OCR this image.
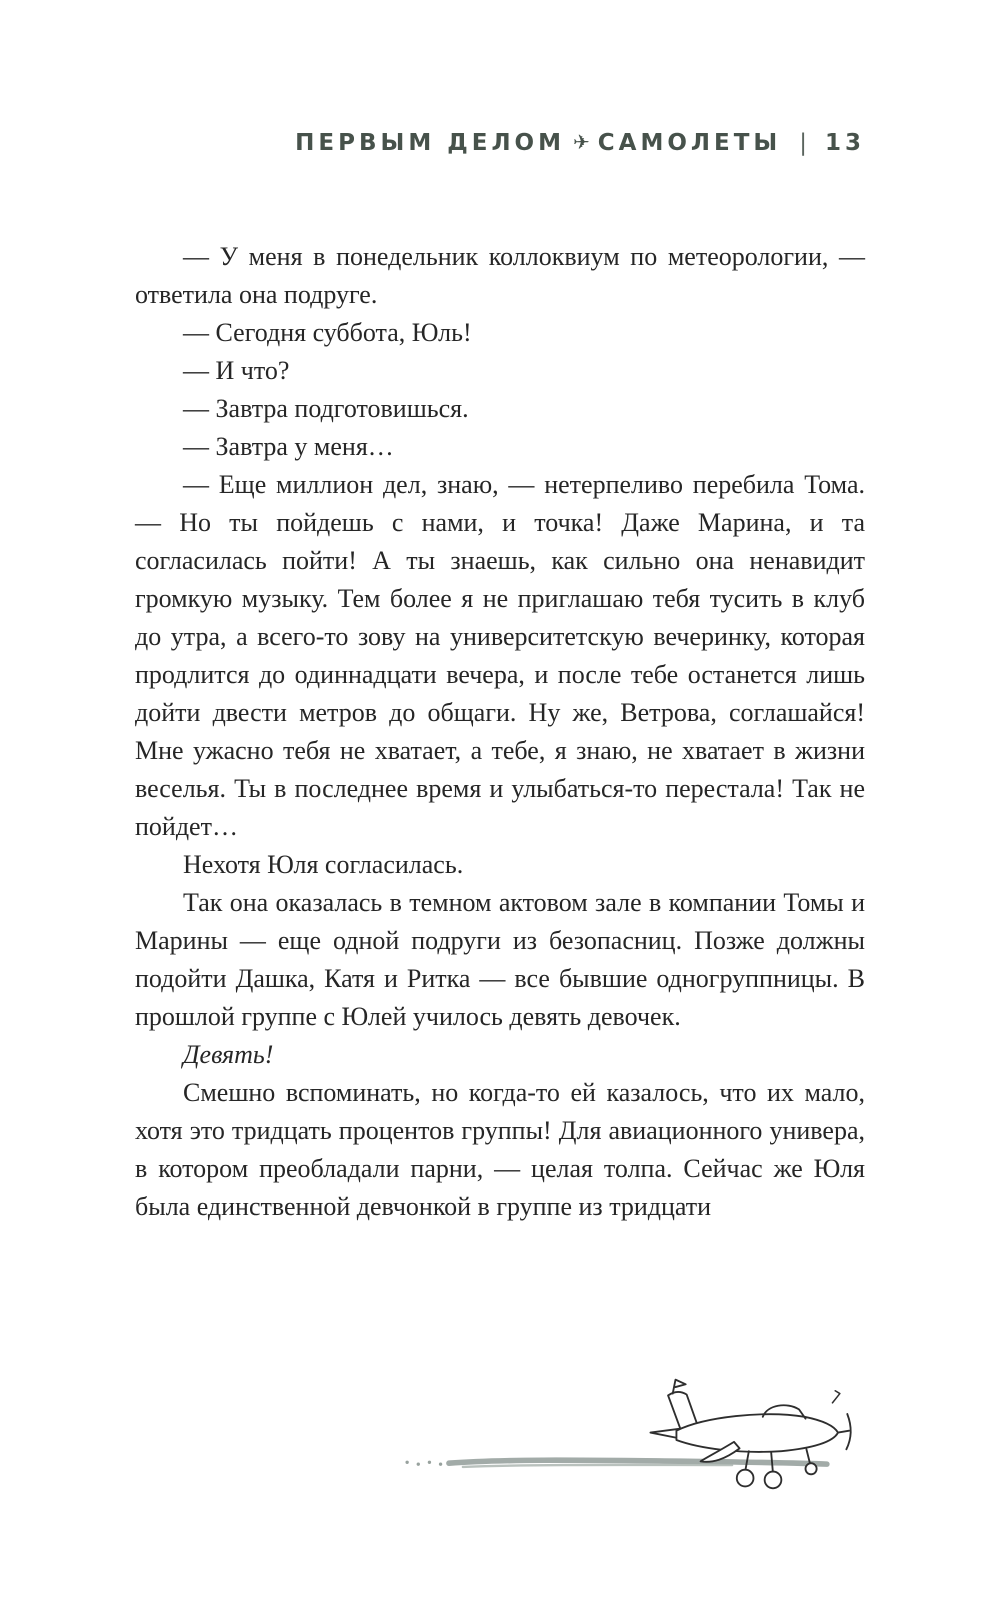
ПЕРВЫМ ДЕЛОМ ✈ САМОЛЕТЫ | 13

— У меня в понедельник коллоквиум по метеорологии, — ответила она подруге.

— Сегодня суббота, Юль!

— И что?

— Завтра подготовишься.

— Завтра у меня…

— Еще миллион дел, знаю, — нетерпеливо перебила Тома. — Но ты пойдешь с нами, и точка! Даже Марина, и та согласилась пойти! А ты знаешь, как сильно она ненавидит громкую музыку. Тем более я не приглашаю тебя тусить в клуб до утра, а всего-то зову на университетскую вечеринку, которая продлится до одиннадцати вечера, и после тебе останется лишь дойти двести метров до общаги. Ну же, Ветрова, соглашайся! Мне ужасно тебя не хватает, а тебе, я знаю, не хватает в жизни веселья. Ты в последнее время и улыбаться-то перестала! Так не пойдет…

Нехотя Юля согласилась.

Так она оказалась в темном актовом зале в компании Томы и Марины — еще одной подруги из безопасниц. Позже должны подойти Дашка, Катя и Ритка — все бывшие одногруппницы. В прошлой группе с Юлей училось девять девочек.

Девять!

Смешно вспоминать, но когда-то ей казалось, что их мало, хотя это тридцать процентов группы! Для авиационного универа, в котором преобладали парни, — целая толпа. Сейчас же Юля была единственной девчонкой в группе из тридцати
